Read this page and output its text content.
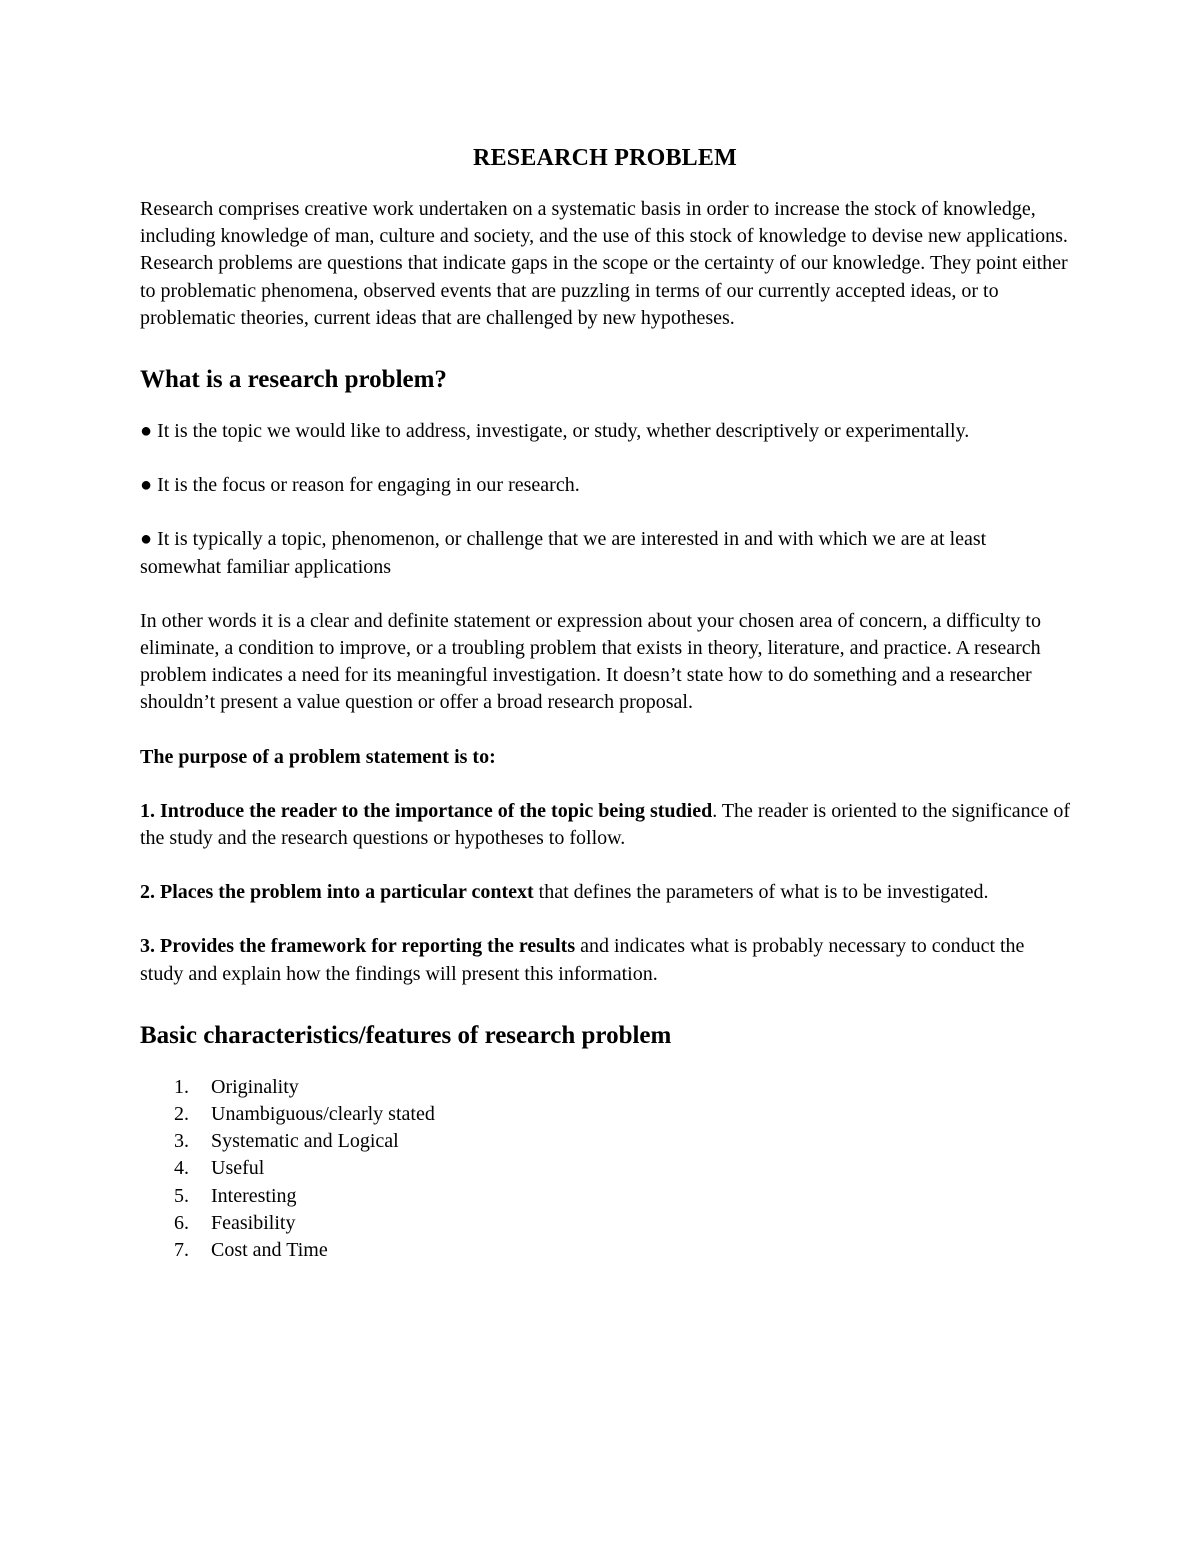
RESEARCH PROBLEM

Research comprises creative work undertaken on a systematic basis in order to increase the stock of knowledge, including knowledge of man, culture and society, and the use of this stock of knowledge to devise new applications. Research problems are questions that indicate gaps in the scope or the certainty of our knowledge. They point either to problematic phenomena, observed events that are puzzling in terms of our currently accepted ideas, or to problematic theories, current ideas that are challenged by new hypotheses.

What is a research problem?

● It is the topic we would like to address, investigate, or study, whether descriptively or experimentally.

● It is the focus or reason for engaging in our research.

● It is typically a topic, phenomenon, or challenge that we are interested in and with which we are at least somewhat familiar applications

In other words it is a clear and definite statement or expression about your chosen area of concern, a difficulty to eliminate, a condition to improve, or a troubling problem that exists in theory, literature, and practice. A research problem indicates a need for its meaningful investigation. It doesn’t state how to do something and a researcher shouldn’t present a value question or offer a broad research proposal.

The purpose of a problem statement is to:

1. Introduce the reader to the importance of the topic being studied. The reader is oriented to the significance of the study and the research questions or hypotheses to follow.

2. Places the problem into a particular context that defines the parameters of what is to be investigated.

3. Provides the framework for reporting the results and indicates what is probably necessary to conduct the study and explain how the findings will present this information.

Basic characteristics/features of research problem
1.	Originality
2.	Unambiguous/clearly stated
3.	Systematic and Logical
4.	Useful
5.	Interesting
6.	Feasibility
7.	Cost and Time
